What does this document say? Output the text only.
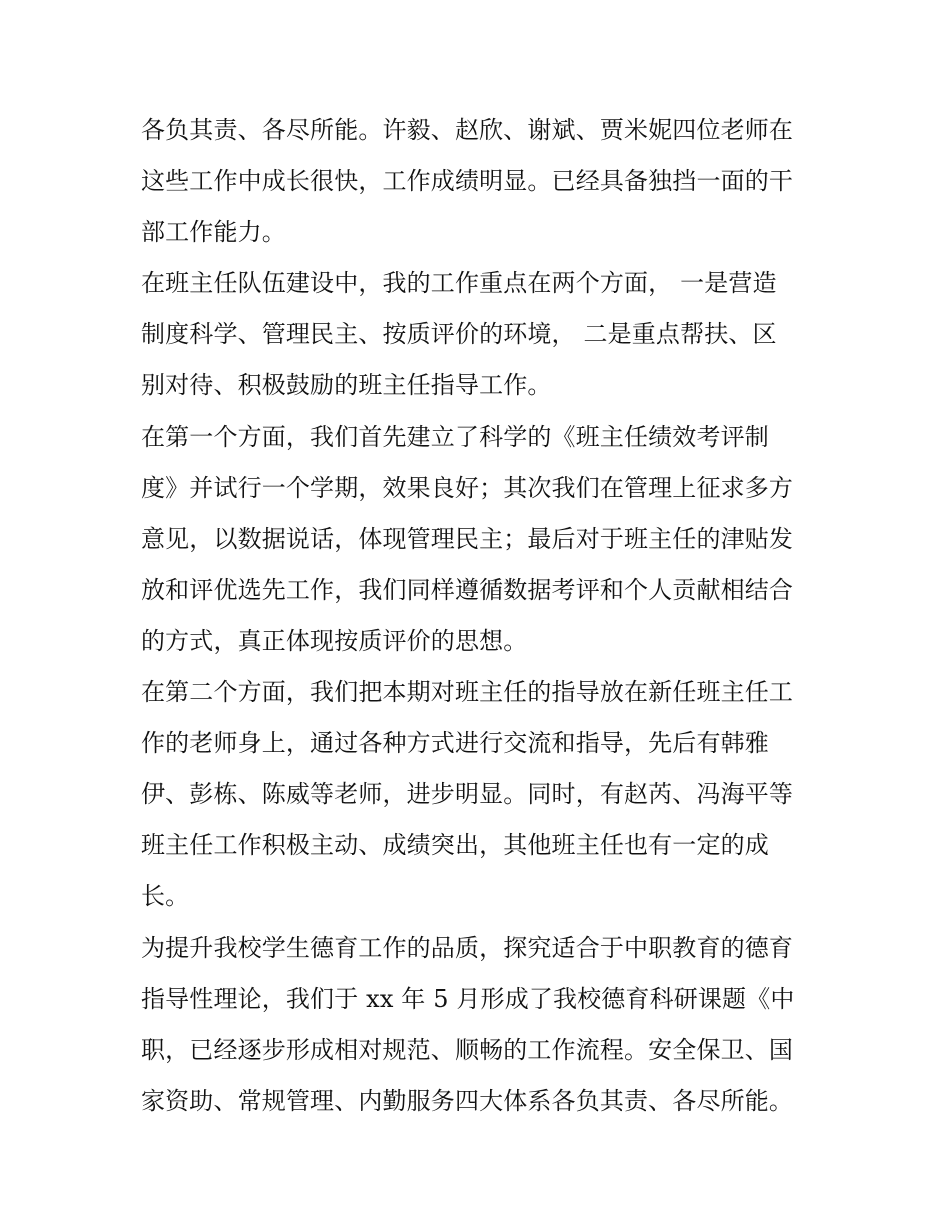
各负其责、各尽所能。许毅、赵欣、谢斌、贾米妮四位老师在
这些工作中成长很快，工作成绩明显。已经具备独挡一面的干
部工作能力。
在班主任队伍建设中，我的工作重点在两个方面， 一是营造
制度科学、管理民主、按质评价的环境， 二是重点帮扶、区
别对待、积极鼓励的班主任指导工作。
在第一个方面，我们首先建立了科学的《班主任绩效考评制
度》并试行一个学期，效果良好；其次我们在管理上征求多方
意见，以数据说话，体现管理民主；最后对于班主任的津贴发
放和评优选先工作，我们同样遵循数据考评和个人贡献相结合
的方式，真正体现按质评价的思想。
在第二个方面，我们把本期对班主任的指导放在新任班主任工
作的老师身上，通过各种方式进行交流和指导，先后有韩雅
伊、彭栋、陈威等老师，进步明显。同时，有赵芮、冯海平等
班主任工作积极主动、成绩突出，其他班主任也有一定的成
长。
为提升我校学生德育工作的品质，探究适合于中职教育的德育
指导性理论，我们于 xx 年 5 月形成了我校德育科研课题《中
职，已经逐步形成相对规范、顺畅的工作流程。安全保卫、国
家资助、常规管理、内勤服务四大体系各负其责、各尽所能。
